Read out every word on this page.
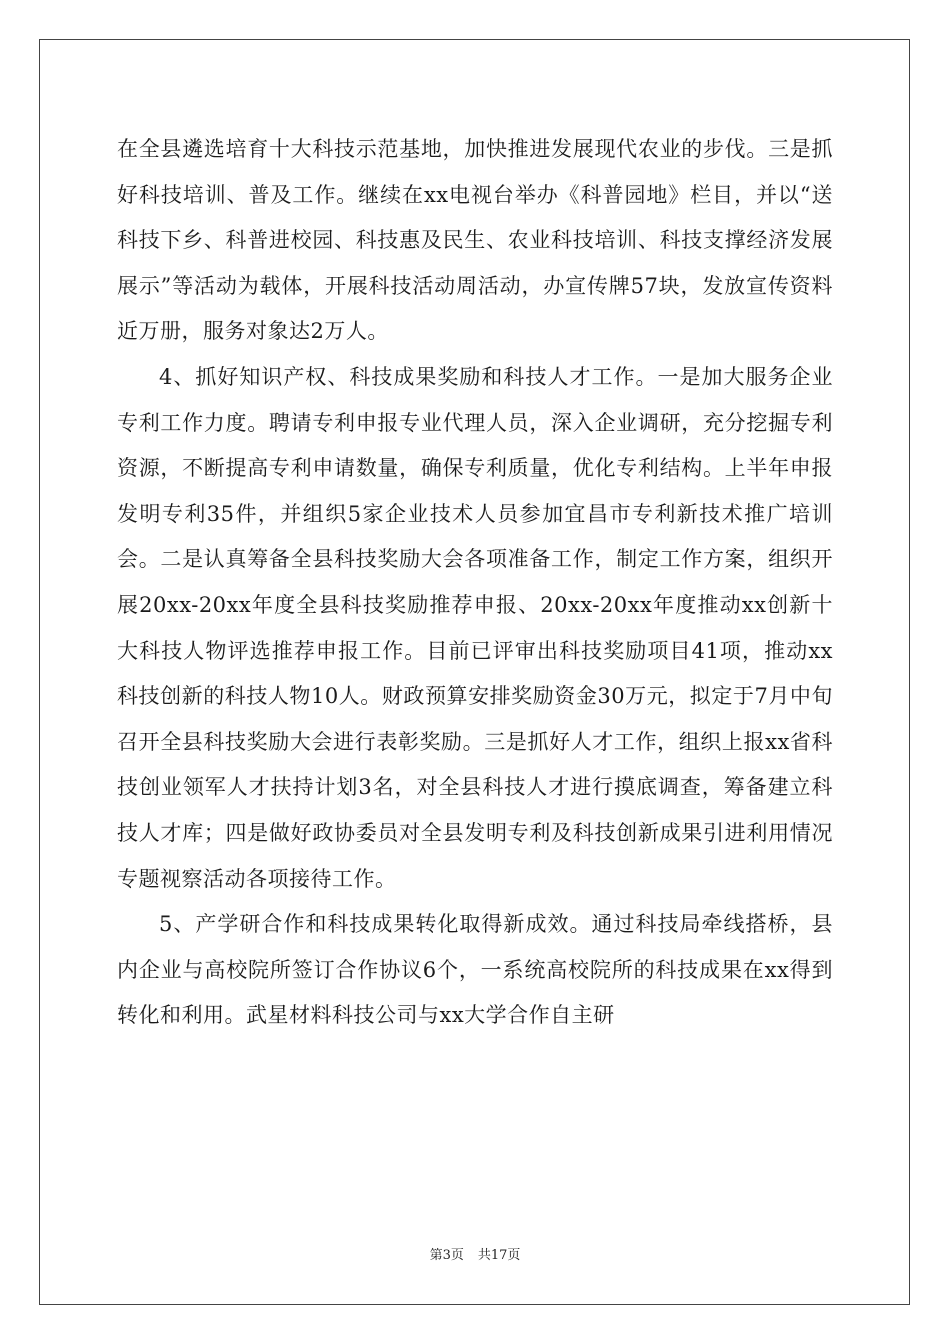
在全县遴选培育十大科技示范基地，加快推进发展现代农业的步伐。三是抓好科技培训、普及工作。继续在xx电视台举办《科普园地》栏目，并以“送科技下乡、科普进校园、科技惠及民生、农业科技培训、科技支撑经济发展展示”等活动为载体，开展科技活动周活动，办宣传牌57块，发放宣传资料近万册，服务对象达2万人。

4、抓好知识产权、科技成果奖励和科技人才工作。一是加大服务企业专利工作力度。聘请专利申报专业代理人员，深入企业调研，充分挖掘专利资源，不断提高专利申请数量，确保专利质量，优化专利结构。上半年申报发明专利35件，并组织5家企业技术人员参加宜昌市专利新技术推广培训会。二是认真筹备全县科技奖励大会各项准备工作，制定工作方案，组织开展20xx-20xx年度全县科技奖励推荐申报、20xx-20xx年度推动xx创新十大科技人物评选推荐申报工作。目前已评审出科技奖励项目41项，推动xx科技创新的科技人物10人。财政预算安排奖励资金30万元，拟定于7月中旬召开全县科技奖励大会进行表彰奖励。三是抓好人才工作，组织上报xx省科技创业领军人才扶持计划3名，对全县科技人才进行摸底调查，筹备建立科技人才库；四是做好政协委员对全县发明专利及科技创新成果引进利用情况专题视察活动各项接待工作。

5、产学研合作和科技成果转化取得新成效。通过科技局牵线搭桥，县内企业与高校院所签订合作协议6个，一系统高校院所的科技成果在xx得到转化和利用。武星材料科技公司与xx大学合作自主研

第3页 共17页
